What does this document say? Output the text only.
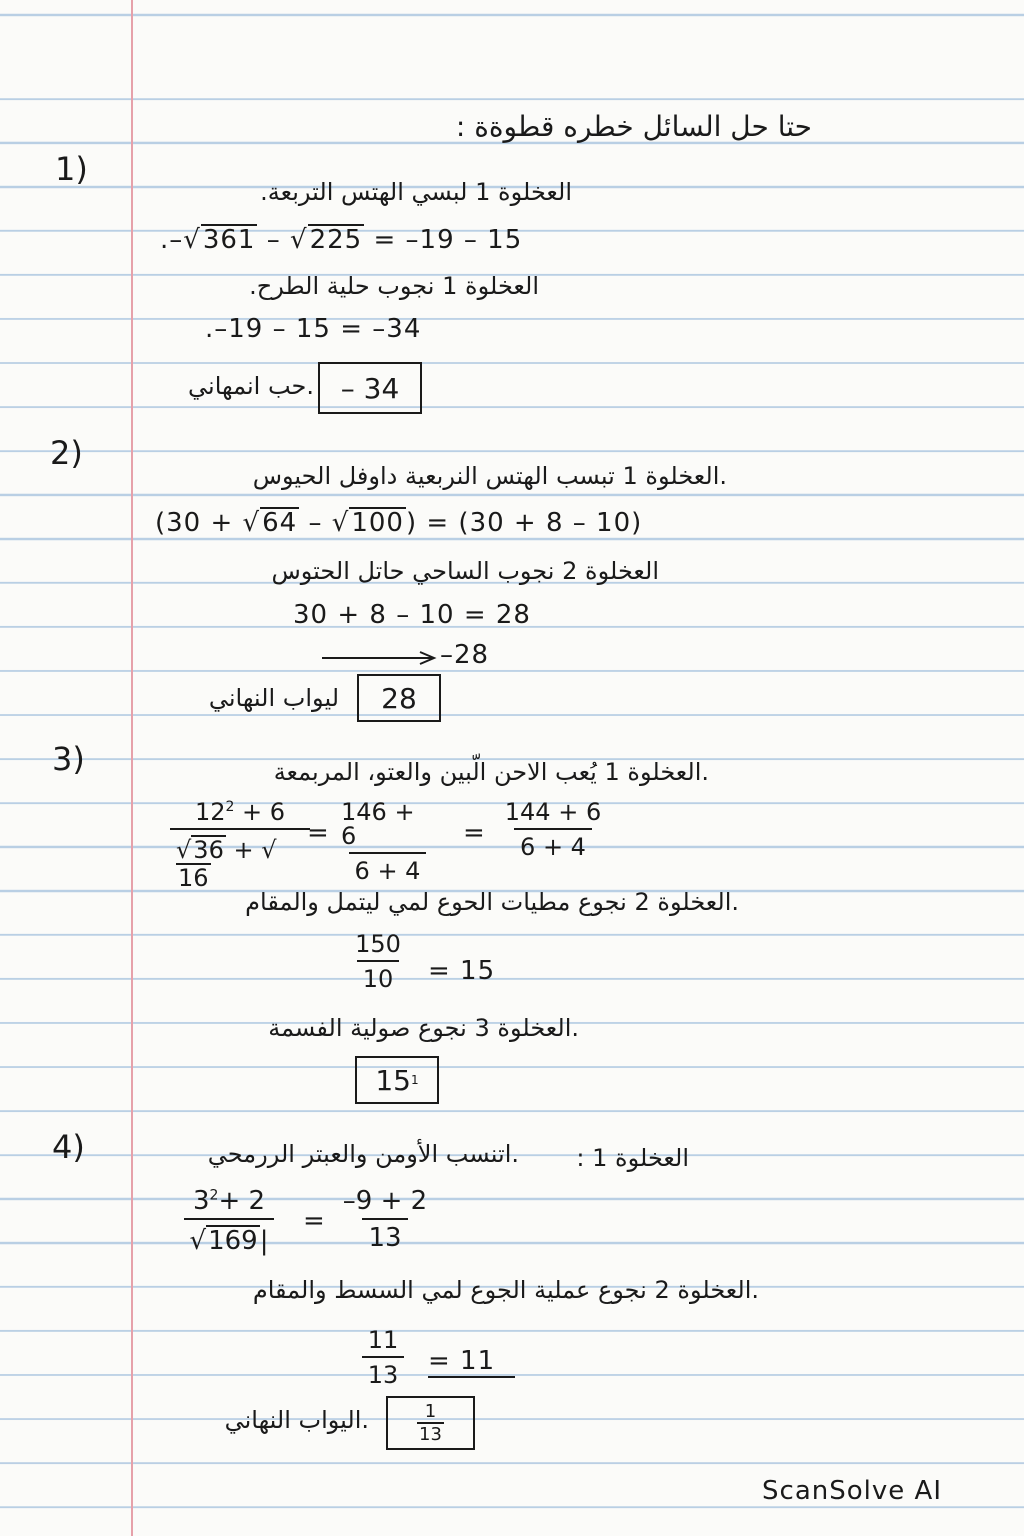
حتا حل السائل خطره قطوةة :
1)
العخلوة 1 لبسي الهتس التربعة.
.–√361 – √225 = –19 – 15
العخلوة 1 نجوب حلية الطرح.
.–19 – 15 = –34
.حب انمهاني – 34
2)
.العخلوة 1 تبسب الهتس النربعية داوفل الحيوس
(30 + √64 – √100) = (30 + 8 – 10)
العخلوة 2 نجوب الساحي حاتل الحتوس
30 + 8 – 10 = 28
–28
ليواب النهاني 28
3)	.العخلوة 1 يُعب الاحن الّبين والعتو، المربمعة
$\frac{12^2 + 6}{√36 + √16}$
= $\frac{146 + 6}{6 + 4} = \frac{144 + 6}{6 + 4}$
.العخلوة 2 نجوع مطيات الحوع لمي ليتمل والمقام
$\frac{150}{10} = 15$
.العخلوة 3 نجوع صولية الفسمة
15 1
4)	العخلوة 1 :
.اتنسب الأومن والعبتر الررمحي
$\frac{3^2+ 2}{√169|} = \frac{-9 + 2}{13}$
.العخلوة 2 نجوع عملية الجوع لمي السسط والمقام
$\frac{11}{13} = 11$
.اليواب النهاني $\frac{1}{13}$
ScanSolve AI
